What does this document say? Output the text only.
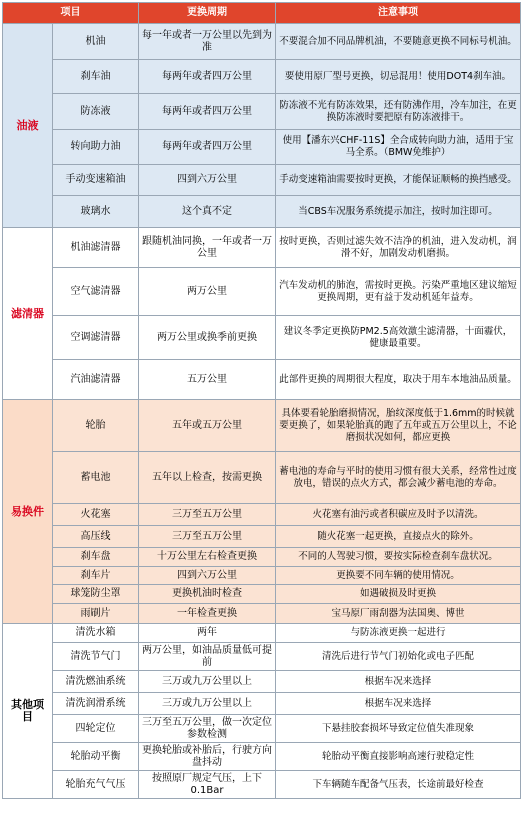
项目		更换周期	注意事项
油液	机油	每一年或者一万公里以先到为准	不要混合加不同品牌机油，不要随意更换不同标号机油。
	刹车油	每两年或者四万公里	要使用原厂型号更换，切忌混用！使用DOT4刹车油。
	防冻液	每两年或者四万公里	防冻液不光有防冻效果，还有防沸作用，冷车加注，在更换防冻液时要把原有防冻液排干。
	转向助力油	每两年或者四万公里	使用【潘东兴CHF-11S】全合成转向助力油，适用于宝马全系。（BMW免维护）
	手动变速箱油	四到六万公里	手动变速箱油需要按时更换，才能保证顺畅的换挡感受。
	玻璃水	这个真不定	当CBS车况服务系统提示加注，按时加注即可。
滤清器	机油滤清器	跟随机油同换，一年或者一万公里	按时更换，否则过滤失效不洁净的机油，进入发动机，润滑不好，加剧发动机磨损。
	空气滤清器	两万公里	汽车发动机的肺泡，需按时更换。污染严重地区建议缩短更换周期，更有益于发动机延年益寿。
	空调滤清器	两万公里或换季前更换	建议冬季定更换防PM2.5高效激尘滤清器，十面霾伏，健康最重要。
	汽油滤清器	五万公里	此部件更换的周期很大程度，取决于用车本地油品质量。
易换件	轮胎	五年或五万公里	具体要看轮胎磨损情况，胎纹深度低于1.6mm的时候就要更换了，如果轮胎真的跑了五年或五万公里以上，不论磨损状况如何，都应更换
	蓄电池	五年以上检查，按需更换	蓄电池的寿命与平时的使用习惯有很大关系，经常性过度放电，错误的点火方式，都会减少蓄电池的寿命。
	火花塞	三万至五万公里	火花塞有油污或者积碳应及时予以清洗。
	高压线	三万至五万公里	随火花塞一起更换，直接点火的除外。
	刹车盘	十万公里左右检查更换	不同的人驾驶习惯，要按实际检查刹车盘状况。
	刹车片	四到六万公里	更换要不同车辆的使用情况。
	球笼防尘罩	更换机油时检查	如遇破损及时更换
	雨刷片	一年检查更换	宝马原厂雨刮器为法国奥、博世
其他项目	清洗水箱	两年	与防冻液更换一起进行
	清洗节气门	两万公里，如油品质量低可提前	清洗后进行节气门初始化或电子匹配
	清洗燃油系统	三万或九万公里以上	根据车况来选择
	清洗润滑系统	三万或九万公里以上	根据车况来选择
	四轮定位	三万至五万公里，做一次定位参数检测	下悬挂胶套损坏导致定位值失准现象
	轮胎动平衡	更换轮胎或补胎后，行驶方向盘抖动	轮胎动平衡直接影响高速行驶稳定性
	轮胎充气气压	按照原厂规定气压，上下0.1Bar	下车辆随车配备气压表，长途前最好检查
